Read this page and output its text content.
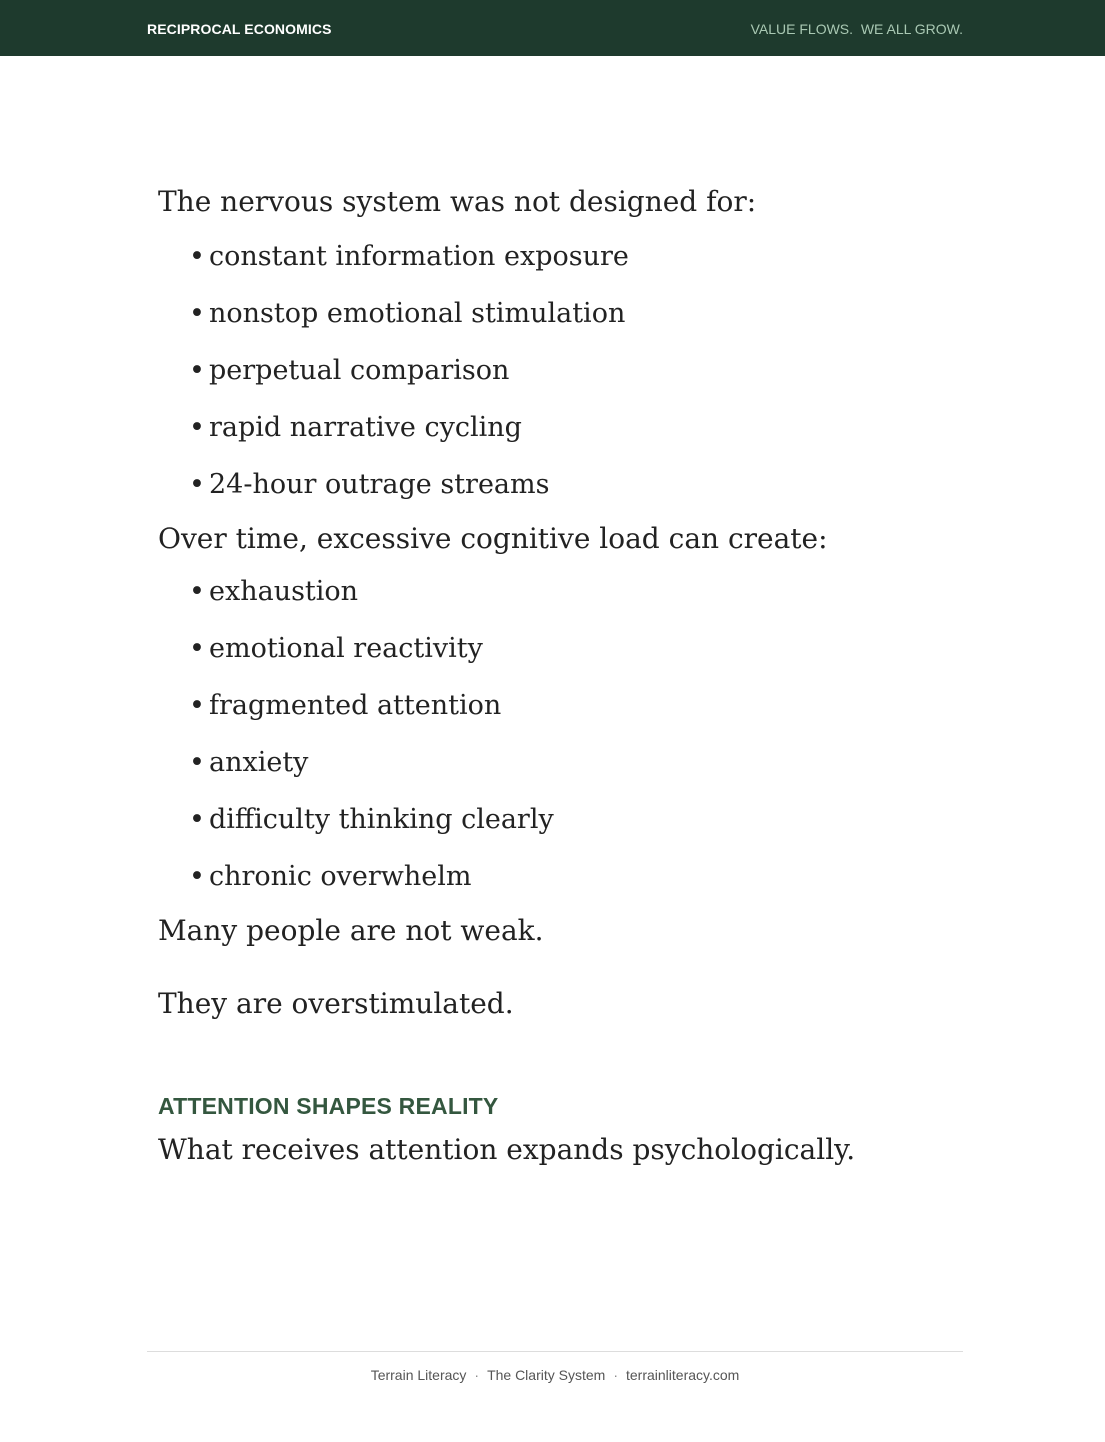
RECIPROCAL ECONOMICS	VALUE FLOWS.  WE ALL GROW.

The nervous system was not designed for:

• constant information exposure
• nonstop emotional stimulation
• perpetual comparison
• rapid narrative cycling
• 24-hour outrage streams

Over time, excessive cognitive load can create:

• exhaustion
• emotional reactivity
• fragmented attention
• anxiety
• difficulty thinking clearly
• chronic overwhelm

Many people are not weak.

They are overstimulated.

ATTENTION SHAPES REALITY

What receives attention expands psychologically.

Terrain Literacy · The Clarity System · terrainliteracy.com
